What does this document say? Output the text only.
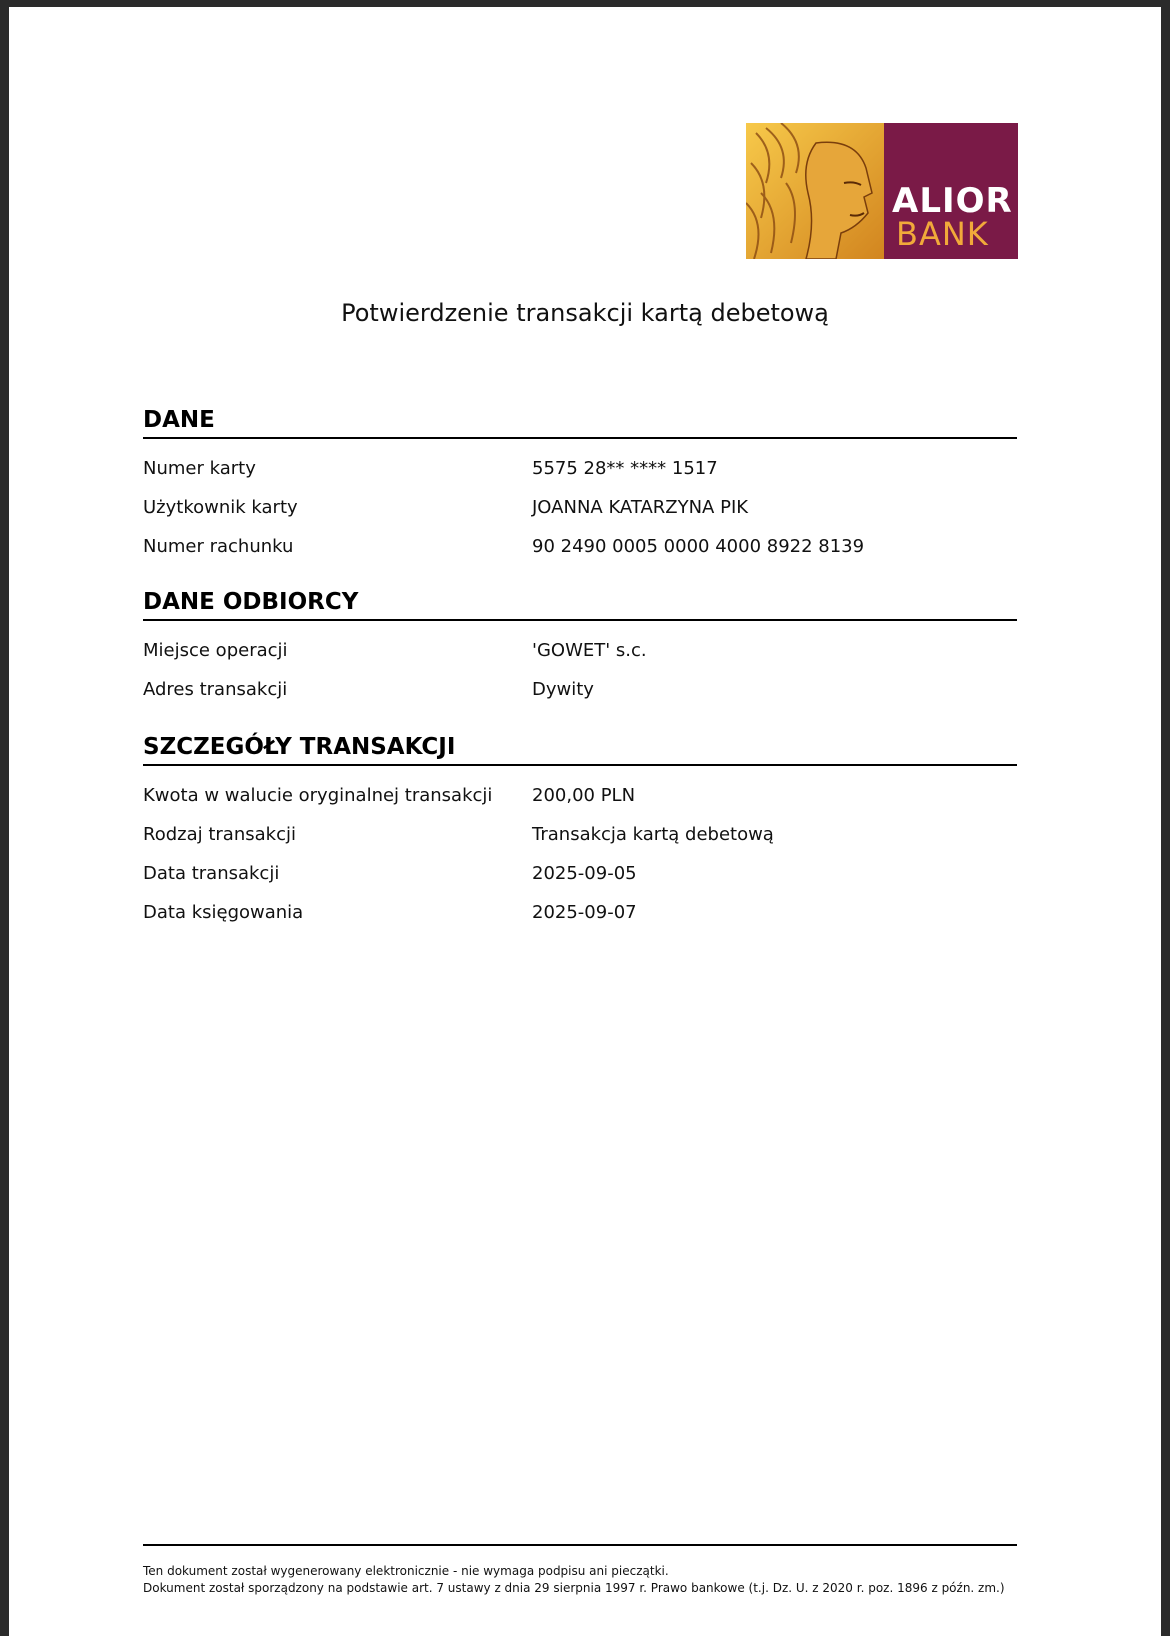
ALIOR
BANK
Potwierdzenie transakcji kartą debetową
DANE
Numer karty	5575 28** **** 1517
Użytkownik karty	JOANNA KATARZYNA PIK
Numer rachunku	90 2490 0005 0000 4000 8922 8139
DANE ODBIORCY
Miejsce operacji	'GOWET' s.c.
Adres transakcji	Dywity
SZCZEGÓŁY TRANSAKCJI
Kwota w walucie oryginalnej transakcji	200,00 PLN
Rodzaj transakcji	Transakcja kartą debetową
Data transakcji	2025-09-05
Data księgowania	2025-09-07
Ten dokument został wygenerowany elektronicznie - nie wymaga podpisu ani pieczątki.
Dokument został sporządzony na podstawie art. 7 ustawy z dnia 29 sierpnia 1997 r. Prawo bankowe (t.j. Dz. U. z 2020 r. poz. 1896 z późn. zm.)
